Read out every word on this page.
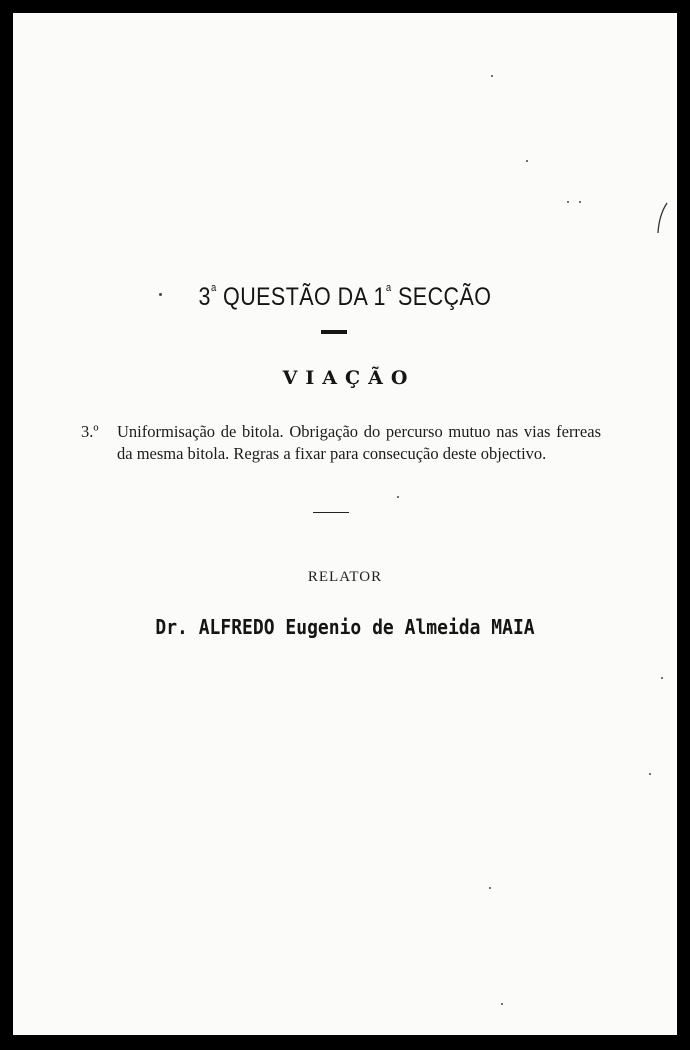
3$^a$ QUESTÃO DA 1$^a$ SECÇÃO
VIAÇÃO
3.º	Uniformisação de bitola. Obrigação do percurso mutuo nas vias ferreas da mesma bitola. Regras a fixar para consecução deste objectivo.
RELATOR
Dr. ALFREDO Eugenio de Almeida MAIA
